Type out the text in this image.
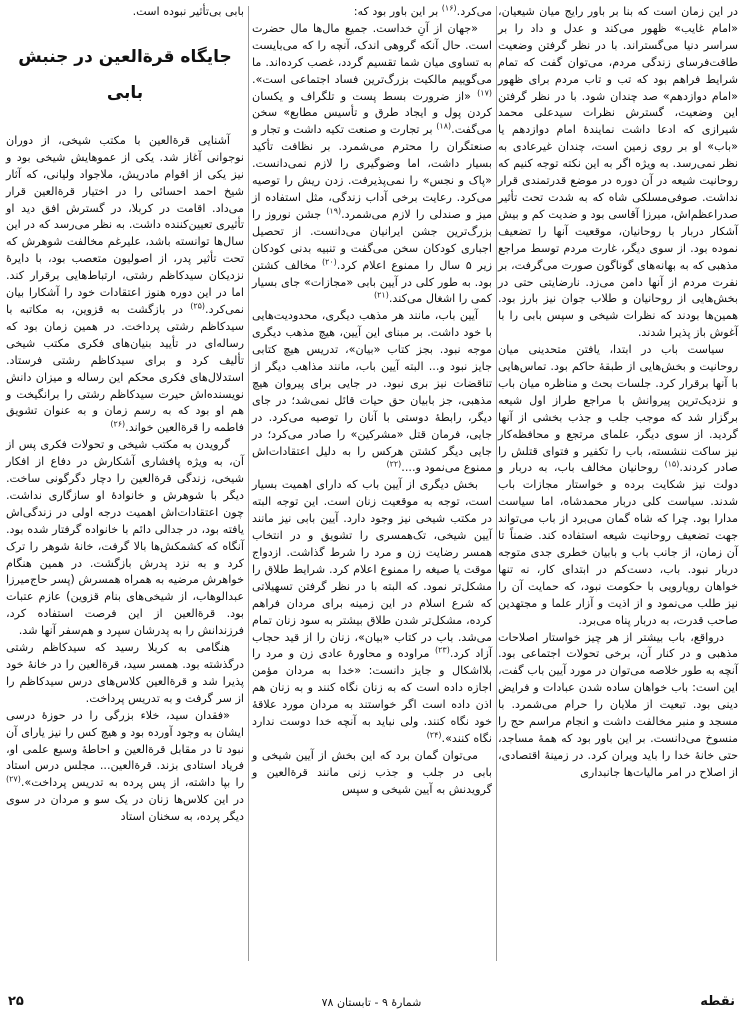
در این زمان است که بنا بر باور رایج میان شیعیان، «امام غایب» ظهور می‌کند و عدل و داد را بر سراسر دنیا می‌گستراند. با در نظر گرفتن وضعیت طاقت‌فرسای زندگی مردم، می‌توان گفت که تمام شرایط فراهم بود که تب و تاب مردم برای ظهور «امام دوازدهم» صد چندان شود. با در نظر گرفتن این وضعیت، گسترش نظرات سیدعلی محمد شیرازی که ادعا داشت نمایندهٔ امام دوازدهم یا «باب» او بر روی زمین است، چندان غیرعادی به نظر نمی‌رسد. به ویژه اگر به این نکته توجه کنیم که روحانیت شیعه در آن دوره در موضع قدرتمندی قرار نداشت. صوفی‌مسلکی شاه که به شدت تحت تأثیر صدراعظم‌اش، میرزا آقاسی بود و ضدیت کم و بیش آشکار دربار با روحانیان، موقعیت آنها را تضعیف نموده بود. از سوی دیگر، غارت مردم توسط مراجع مذهبی که به بهانه‌های گوناگون صورت می‌گرفت، بر نفرت مردم از آنها دامن می‌زد. نارضایتی حتی در بخش‌هایی از روحانیان و طلاب جوان نیز بارز بود. همین‌ها بودند که نظرات شیخی و سپس بابی را با آغوش باز پذیرا شدند.

سیاست باب در ابتدا، یافتن متحدینی میان روحانیت و بخش‌هایی از طبقهٔ حاکم بود. تماس‌هایی با آنها برقرار کرد. جلسات بحث و مناظره میان باب و نزدیک‌ترین پیروانش با مراجع طراز اول شیعه برگزار شد که موجب جلب و جذب بخشی از آنها گردید. از سوی دیگر، علمای مرتجع و محافظه‌کار نیز ساکت ننشسته، باب را تکفیر و فتوای قتلش را صادر کردند.$^{(۱۵)}$ روحانیان مخالف باب، به دربار و دولت نیز شکایت برده و خواستار مجازات باب شدند. سیاست کلی دربار محمدشاه، اما سیاست مدارا بود. چرا که شاه گمان می‌برد از باب می‌تواند جهت تضعیف روحانیت شیعه استفاده کند. ضمناً تا آن زمان، از جانب باب و بابیان خطری جدی متوجه دربار نبود. باب، دست‌کم در ابتدای کار، نه تنها خواهان رویارویی با حکومت نبود، که حمایت آن را نیز طلب می‌نمود و از اذیت و آزار علما و مجتهدین صاحب قدرت، به دربار پناه می‌برد.

درواقع، باب بیشتر از هر چیز خواستار اصلاحات مذهبی و در کنار آن، برخی تحولات اجتماعی بود. آنچه به طور خلاصه می‌توان در مورد آیین باب گفت، این است: باب خواهان ساده شدن عبادات و فرایض دینی بود. تبعیت از ملایان را حرام می‌شمرد. با مسجد و منبر مخالفت داشت و انجام مراسم حج را منسوخ می‌دانست. بر این باور بود که همهٔ مساجد، حتی خانهٔ خدا را باید ویران کرد. در زمینهٔ اقتصادی، از اصلاح در امر مالیات‌ها جانبداری

می‌کرد.$^{(۱۶)}$ بر این باور بود که:

«جهان از آنِ خداست. جمیع مال‌ها مال حضرت است. حال آنکه گروهی اندک، آنچه را که می‌بایست به تساوی میان شما تقسیم گردد، غصب کرده‌اند. ما می‌گوییم مالکیت بزرگ‌ترین فساد اجتماعی است».$^{(۱۷)}$ «از ضرورت بسط پست و تلگراف و یکسان کردن پول و ایجاد طرق و تأسیس مطابع» سخن می‌گفت.$^{(۱۸)}$ بر تجارت و صنعت تکیه داشت و تجار و صنعتگران را محترم می‌شمرد. بر نظافت تأکید بسیار داشت، اما وضوگیری را لازم نمی‌دانست. «پاک و نجس» را نمی‌پذیرفت. زدن ریش را توصیه می‌کرد. رعایت برخی آداب زندگی، مثل استفاده از میز و صندلی را لازم می‌شمرد.$^{(۱۹)}$ جشن نوروز را بزرگ‌ترین جشن ایرانیان می‌دانست. از تحصیل اجباری کودکان سخن می‌گفت و تنبیه بدنی کودکان زیر ۵ سال را ممنوع اعلام کرد.$^{(۲۰)}$ مخالف کشتن بود. به طور کلی در آیین بابی «مجازات» جای بسیار کمی را اشغال می‌کند.$^{(۲۱)}$

آیین باب، مانند هر مذهب دیگری، محدودیت‌هایی با خود داشت. بر مبنای این آیین، هیچ مذهب دیگری موجه نبود. بجز کتاب «بیان»، تدریس هیچ کتابی جایز نبود و... البته آیین باب، مانند مذاهب دیگر از تناقضات نیز بری نبود. در جایی برای پیروان هیچ مذهبی، جز بابیان حق حیات قائل نمی‌شد؛ در جای دیگر، رابطهٔ دوستی با آنان را توصیه می‌کرد. در جایی، فرمان قتل «مشرکین» را صادر می‌کرد؛ در جایی دیگر کشتن هرکس را به دلیل اعتقادات‌اش ممنوع می‌نمود و....$^{(۲۲)}$

بخش دیگری از آیین باب که دارای اهمیت بسیار است، توجه به موقعیت زنان است. این توجه البته در مکتب شیخی نیز وجود دارد. آیین بابی نیز مانند آیین شیخی، تک‌همسری را تشویق و در انتخاب همسر رضایت زن و مرد را شرط گذاشت. ازدواج موقت یا صیغه را ممنوع اعلام کرد. شرایط طلاق را مشکل‌تر نمود. که البته با در نظر گرفتن تسهیلاتی که شرع اسلام در این زمینه برای مردان فراهم کرده، مشکل‌تر شدن طلاق بیشتر به سود زنان تمام می‌شد. باب در کتاب «بیان»، زنان را از قید حجاب آزاد کرد.$^{(۲۳)}$ مراوده و محاورهٔ عادی زن و مرد را بلااشکال و جایز دانست: «خدا به مردان مؤمن اجازه داده است که به زنان نگاه کنند و به زنان هم اذن داده است اگر خواستند به مردان مورد علاقهٔ خود نگاه کنند. ولی نباید به آنچه خدا دوست ندارد نگاه کنند».$^{(۲۴)}$

می‌توان گمان برد که این بخش از آیین شیخی و بابی در جلب و جذب زنی مانند قرةالعین و گرویدنش به آیین شیخی و سپس

بابی بی‌تأثیر نبوده است.

جایگاه قرةالعین در جنبش
بابی

آشنایی قرةالعین با مکتب شیخی، از دوران نوجوانی آغاز شد. یکی از عموهایش شیخی بود و نیز یکی از اقوام مادریش، ملاجواد ولیانی، که آثار شیخ احمد احسائی را در اختیار قرةالعین قرار می‌داد. اقامت در کربلا، در گسترش افق دید او تأثیری تعیین‌کننده داشت. به نظر می‌رسد که در این سال‌ها توانسته باشد، علیرغم مخالفت شوهرش که تحت تأثیر پدر، از اصولیون متعصب بود، با دایرهٔ نزدیکان سیدکاظم رشتی، ارتباط‌هایی برقرار کند. اما در این دوره هنوز اعتقادات خود را آشکارا بیان نمی‌کرد.$^{(۲۵)}$ در بازگشت به قزوین، به مکاتبه با سیدکاظم رشتی پرداخت. در همین زمان بود که رساله‌ای در تأیید بنیان‌های فکری مکتب شیخی تألیف کرد و برای سیدکاظم رشتی فرستاد. استدلال‌های فکری محکم این رساله و میزان دانش نویسنده‌اش حیرت سیدکاظم رشتی را برانگیخت و هم او بود که به رسم زمان و به عنوان تشویق فاطمه را قرةالعین خواند.$^{(۲۶)}$

گرویدن به مکتب شیخی و تحولات فکری پس از آن، به ویژه پافشاری آشکارش در دفاع از افکار شیخی، زندگی قرةالعین را دچار دگرگونی ساخت. دیگر با شوهرش و خانوادهٔ او سازگاری نداشت. چون اعتقادات‌اش اهمیت درجه اولی در زندگی‌اش یافته بود، در جدالی دائم با خانواده گرفتار شده بود. آنگاه که کشمکش‌ها بالا گرفت، خانهٔ شوهر را ترک کرد و به نزد پدرش بازگشت. در همین هنگام خواهرش مرضیه به همراه همسرش (پسر حاج‌میرزا عبدالوهاب، از شیخی‌های بنام قزوین) عازم عتبات بود. قرةالعین از این فرصت استفاده کرد، فرزندانش را به پدرشان سپرد و هم‌سفر آنها شد.

هنگامی به کربلا رسید که سیدکاظم رشتی درگذشته بود. همسر سید، قرةالعین را در خانهٔ خود پذیرا شد و قرةالعین کلاس‌های درس سیدکاظم را از سر گرفت و به تدریس پرداخت.

«فقدان سید، خلاء بزرگی را در حوزهٔ درسی ایشان به وجود آورده بود و هیچ کس را نیز یارای آن نبود تا در مقابل قرةالعین و احاطهٔ وسیع علمی او، فریاد استادی بزند. قرةالعین... مجلس درس استاد را بپا داشته، از پس پرده به تدریس پرداخت».$^{(۲۷)}$ در این کلاس‌ها زنان در یک سو و مردان در سوی دیگر پرده، به سخنان استاد

نقطه
شمارهٔ ۹ - تابستان ۷۸
۲۵
